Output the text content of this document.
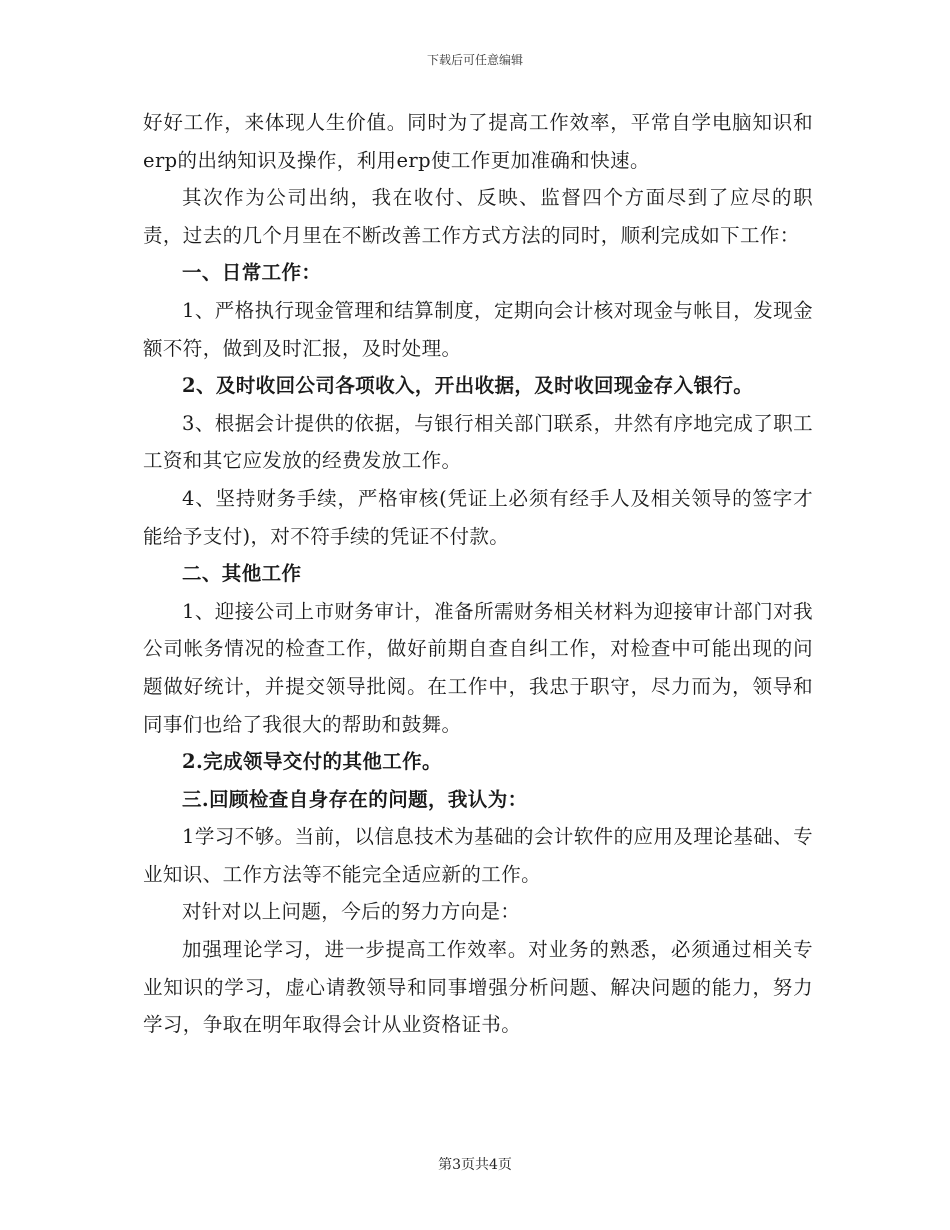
下载后可任意编辑

好好工作，来体现人生价值。同时为了提高工作效率，平常自学电脑知识和erp的出纳知识及操作，利用erp使工作更加准确和快速。

其次作为公司出纳，我在收付、反映、监督四个方面尽到了应尽的职责，过去的几个月里在不断改善工作方式方法的同时，顺利完成如下工作：

一、日常工作：

1、严格执行现金管理和结算制度，定期向会计核对现金与帐目，发现金额不符，做到及时汇报，及时处理。

2、及时收回公司各项收入，开出收据，及时收回现金存入银行。

3、根据会计提供的依据，与银行相关部门联系，井然有序地完成了职工工资和其它应发放的经费发放工作。

4、坚持财务手续，严格审核(凭证上必须有经手人及相关领导的签字才能给予支付)，对不符手续的凭证不付款。

二、其他工作

1、迎接公司上市财务审计，准备所需财务相关材料为迎接审计部门对我公司帐务情况的检查工作，做好前期自查自纠工作，对检查中可能出现的问题做好统计，并提交领导批阅。在工作中，我忠于职守，尽力而为，领导和同事们也给了我很大的帮助和鼓舞。

2.完成领导交付的其他工作。

三.回顾检查自身存在的问题，我认为：

1学习不够。当前，以信息技术为基础的会计软件的应用及理论基础、专业知识、工作方法等不能完全适应新的工作。

对针对以上问题，今后的努力方向是：

加强理论学习，进一步提高工作效率。对业务的熟悉，必须通过相关专业知识的学习，虚心请教领导和同事增强分析问题、解决问题的能力，努力学习，争取在明年取得会计从业资格证书。

第3页共4页
